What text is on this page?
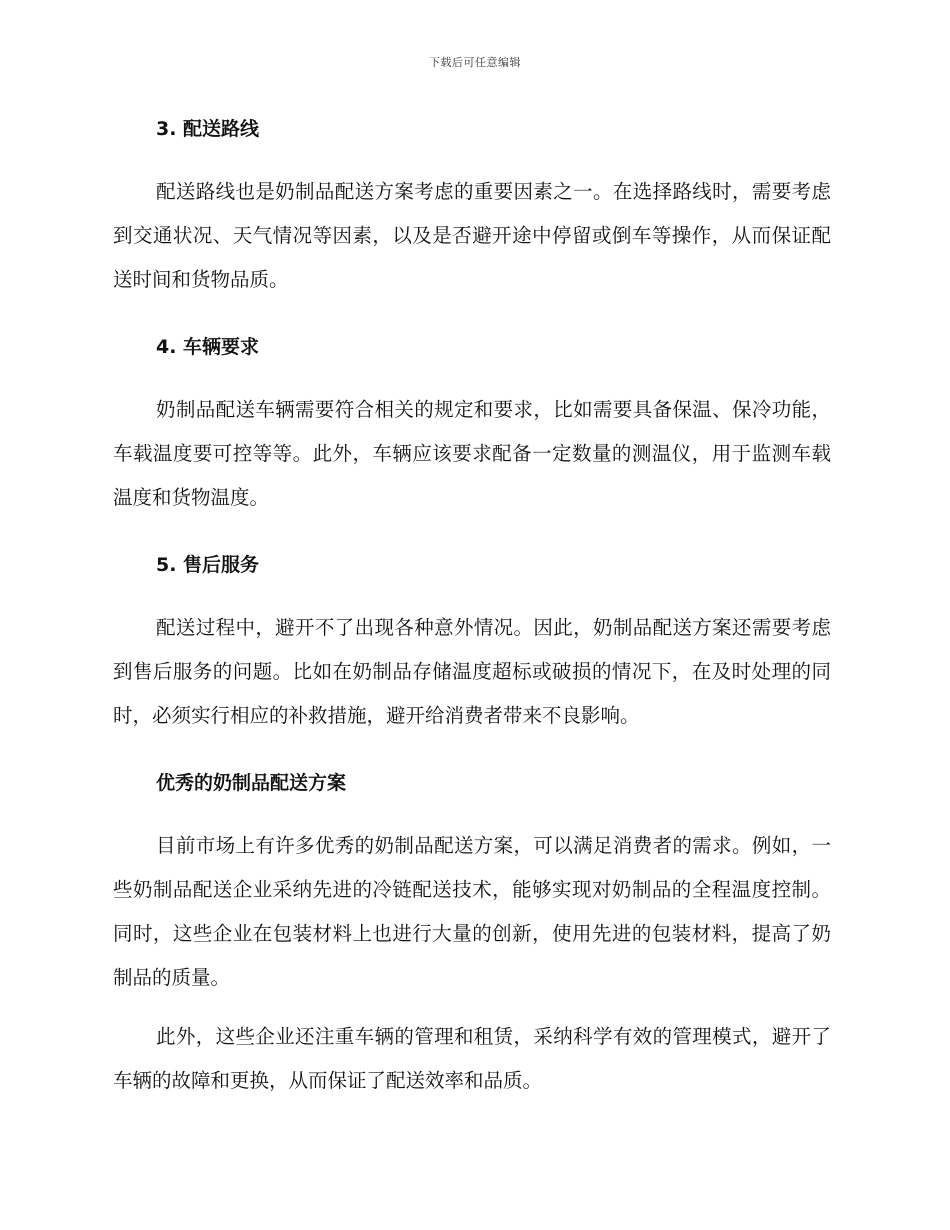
下载后可任意编辑
3. 配送路线

配送路线也是奶制品配送方案考虑的重要因素之一。在选择路线时，需要考虑到交通状况、天气情况等因素，以及是否避开途中停留或倒车等操作，从而保证配送时间和货物品质。

4. 车辆要求

奶制品配送车辆需要符合相关的规定和要求，比如需要具备保温、保冷功能，车载温度要可控等等。此外，车辆应该要求配备一定数量的测温仪，用于监测车载温度和货物温度。

5. 售后服务

配送过程中，避开不了出现各种意外情况。因此，奶制品配送方案还需要考虑到售后服务的问题。比如在奶制品存储温度超标或破损的情况下，在及时处理的同时，必须实行相应的补救措施，避开给消费者带来不良影响。

优秀的奶制品配送方案

目前市场上有许多优秀的奶制品配送方案，可以满足消费者的需求。例如，一些奶制品配送企业采纳先进的冷链配送技术，能够实现对奶制品的全程温度控制。同时，这些企业在包装材料上也进行大量的创新，使用先进的包装材料，提高了奶制品的质量。

此外，这些企业还注重车辆的管理和租赁，采纳科学有效的管理模式，避开了车辆的故障和更换，从而保证了配送效率和品质。
